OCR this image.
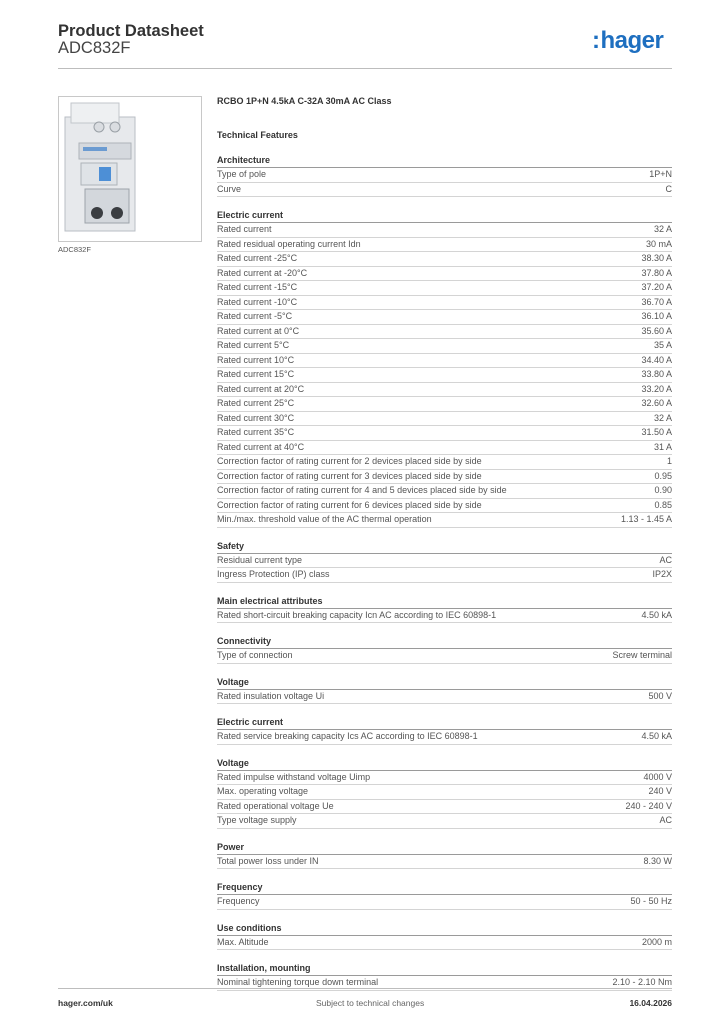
Product Datasheet
ADC832F	:hager
ADC832F
RCBO 1P+N 4.5kA C-32A 30mA AC Class
Technical Features
Architecture
Type of pole	1P+N
Curve	C
Electric current
Rated current	32 A
Rated residual operating current Idn	30 mA
Rated current -25°C	38.30 A
Rated current at -20°C	37.80 A
Rated current -15°C	37.20 A
Rated current -10°C	36.70 A
Rated current -5°C	36.10 A
Rated current at 0°C	35.60 A
Rated current 5°C	35 A
Rated current 10°C	34.40 A
Rated current 15°C	33.80 A
Rated current at 20°C	33.20 A
Rated current 25°C	32.60 A
Rated current 30°C	32 A
Rated current 35°C	31.50 A
Rated current at 40°C	31 A
Correction factor of rating current for 2 devices placed side by side	1
Correction factor of rating current for 3 devices placed side by side	0.95
Correction factor of rating current for 4 and 5 devices placed side by side	0.90
Correction factor of rating current for 6 devices placed side by side	0.85
Min./max. threshold value of the AC thermal operation	1.13 - 1.45 A
Safety
Residual current type	AC
Ingress Protection (IP) class	IP2X
Main electrical attributes
Rated short-circuit breaking capacity Icn AC according to IEC 60898-1	4.50 kA
Connectivity
Type of connection	Screw terminal
Voltage
Rated insulation voltage Ui	500 V
Electric current
Rated service breaking capacity Ics AC according to IEC 60898-1	4.50 kA
Voltage
Rated impulse withstand voltage Uimp	4000 V
Max. operating voltage	240 V
Rated operational voltage Ue	240 - 240 V
Type voltage supply	AC
Power
Total power loss under IN	8.30 W
Frequency
Frequency	50 - 50 Hz
Use conditions
Max. Altitude	2000 m
Installation, mounting
Nominal tightening torque down terminal	2.10 - 2.10 Nm
hager.com/uk	Subject to technical changes	16.04.2026
